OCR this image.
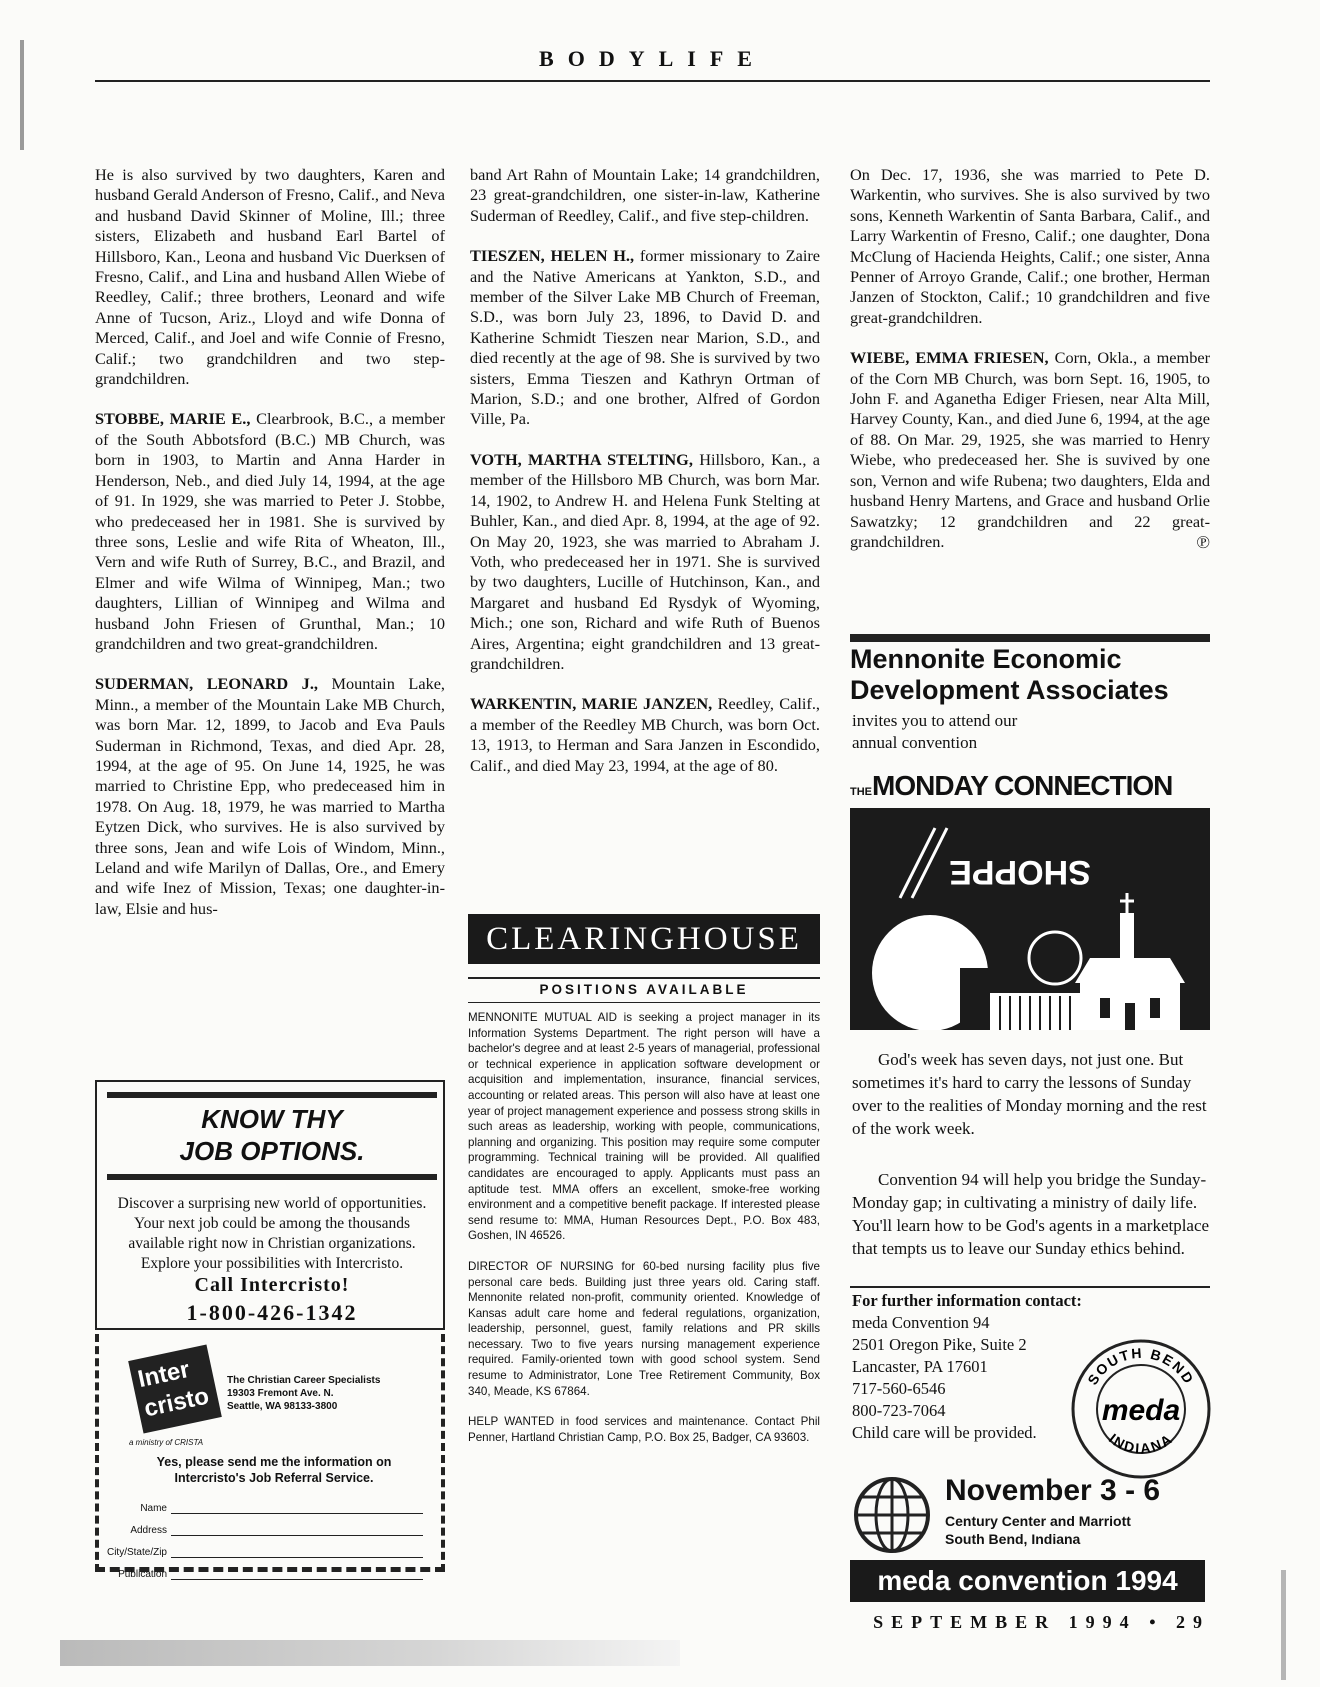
BODYLIFE

He is also survived by two daughters, Karen and husband Gerald Anderson of Fresno, Calif., and Neva and husband David Skinner of Moline, Ill.; three sisters, Elizabeth and husband Earl Bartel of Hillsboro, Kan., Leona and husband Vic Duerksen of Fresno, Calif., and Lina and husband Allen Wiebe of Reedley, Calif.; three brothers, Leonard and wife Anne of Tucson, Ariz., Lloyd and wife Donna of Merced, Calif., and Joel and wife Connie of Fresno, Calif.; two grandchildren and two step-grandchildren.

STOBBE, MARIE E., Clearbrook, B.C., a member of the South Abbotsford (B.C.) MB Church, was born in 1903, to Martin and Anna Harder in Henderson, Neb., and died July 14, 1994, at the age of 91. In 1929, she was married to Peter J. Stobbe, who predeceased her in 1981. She is survived by three sons, Leslie and wife Rita of Wheaton, Ill., Vern and wife Ruth of Surrey, B.C., and Brazil, and Elmer and wife Wilma of Winnipeg, Man.; two daughters, Lillian of Winnipeg and Wilma and husband John Friesen of Grunthal, Man.; 10 grandchildren and two great-grandchildren.

SUDERMAN, LEONARD J., Mountain Lake, Minn., a member of the Mountain Lake MB Church, was born Mar. 12, 1899, to Jacob and Eva Pauls Suderman in Richmond, Texas, and died Apr. 28, 1994, at the age of 95. On June 14, 1925, he was married to Christine Epp, who predeceased him in 1978. On Aug. 18, 1979, he was married to Martha Eytzen Dick, who survives. He is also survived by three sons, Jean and wife Lois of Windom, Minn., Leland and wife Marilyn of Dallas, Ore., and Emery and wife Inez of Mission, Texas; one daughter-in-law, Elsie and hus-

band Art Rahn of Mountain Lake; 14 grandchildren, 23 great-grandchildren, one sister-in-law, Katherine Suderman of Reedley, Calif., and five step-children.

TIESZEN, HELEN H., former missionary to Zaire and the Native Americans at Yankton, S.D., and member of the Silver Lake MB Church of Freeman, S.D., was born July 23, 1896, to David D. and Katherine Schmidt Tieszen near Marion, S.D., and died recently at the age of 98. She is survived by two sisters, Emma Tieszen and Kathryn Ortman of Marion, S.D.; and one brother, Alfred of Gordon Ville, Pa.

VOTH, MARTHA STELTING, Hillsboro, Kan., a member of the Hillsboro MB Church, was born Mar. 14, 1902, to Andrew H. and Helena Funk Stelting at Buhler, Kan., and died Apr. 8, 1994, at the age of 92. On May 20, 1923, she was married to Abraham J. Voth, who predeceased her in 1971. She is survived by two daughters, Lucille of Hutchinson, Kan., and Margaret and husband Ed Rysdyk of Wyoming, Mich.; one son, Richard and wife Ruth of Buenos Aires, Argentina; eight grandchildren and 13 great-grandchildren.

WARKENTIN, MARIE JANZEN, Reedley, Calif., a member of the Reedley MB Church, was born Oct. 13, 1913, to Herman and Sara Janzen in Escondido, Calif., and died May 23, 1994, at the age of 80.

On Dec. 17, 1936, she was married to Pete D. Warkentin, who survives. She is also survived by two sons, Kenneth Warkentin of Santa Barbara, Calif., and Larry Warkentin of Fresno, Calif.; one daughter, Dona McClung of Hacienda Heights, Calif.; one sister, Anna Penner of Arroyo Grande, Calif.; one brother, Herman Janzen of Stockton, Calif.; 10 grandchildren and five great-grandchildren.

WIEBE, EMMA FRIESEN, Corn, Okla., a member of the Corn MB Church, was born Sept. 16, 1905, to John F. and Aganetha Ediger Friesen, near Alta Mill, Harvey County, Kan., and died June 6, 1994, at the age of 88. On Mar. 29, 1925, she was married to Henry Wiebe, who predeceased her. She is suvived by one son, Vernon and wife Rubena; two daughters, Elda and husband Henry Martens, and Grace and husband Orlie Sawatzky; 12 grandchildren and 22 great-grandchildren.	℗

CLEARINGHOUSE
POSITIONS AVAILABLE

MENNONITE MUTUAL AID is seeking a project manager in its Information Systems Department. The right person will have a bachelor's degree and at least 2-5 years of managerial, professional or technical experience in application software development or acquisition and implementation, insurance, financial services, accounting or related areas. This person will also have at least one year of project management experience and possess strong skills in such areas as leadership, working with people, communications, planning and organizing. This position may require some computer programming. Technical training will be provided. All qualified candidates are encouraged to apply. Applicants must pass an aptitude test. MMA offers an excellent, smoke-free working environment and a competitive benefit package. If interested please send resume to: MMA, Human Resources Dept., P.O. Box 483, Goshen, IN 46526.

DIRECTOR OF NURSING for 60-bed nursing facility plus five personal care beds. Building just three years old. Caring staff. Mennonite related non-profit, community oriented. Knowledge of Kansas adult care home and federal regulations, organization, leadership, personnel, guest, family relations and PR skills necessary. Two to five years nursing management experience required. Family-oriented town with good school system. Send resume to Administrator, Lone Tree Retirement Community, Box 340, Meade, KS 67864.

HELP WANTED in food services and maintenance. Contact Phil Penner, Hartland Christian Camp, P.O. Box 25, Badger, CA 93603.

KNOW THY
JOB OPTIONS.
Discover a surprising new world of opportunities. Your next job could be among the thousands available right now in Christian organizations. Explore your possibilities with Intercristo.
Call Intercristo!
1-800-426-1342
Inter
cristo
a ministry of CRISTA
The Christian Career Specialists
19303 Fremont Ave. N.
Seattle, WA 98133-3800
Yes, please send me the information on
Intercristo's Job Referral Service.
Name
Address
City/State/Zip
Publication
Mennonite Economic
Development Associates
invites you to attend our
annual convention
THEMONDAY CONNECTION
SHOPPE
God's week has seven days, not just one. But sometimes it's hard to carry the lessons of Sunday over to the realities of Monday morning and the rest of the work week.
Convention 94 will help you bridge the Sunday-Monday gap; in cultivating a ministry of daily life. You'll learn how to be God's agents in a marketplace that tempts us to leave our Sunday ethics behind.
For further information contact:
meda Convention 94
2501 Oregon Pike, Suite 2
Lancaster, PA 17601
717-560-6546
800-723-7064
Child care will be provided.
SOUTH BEND
INDIANA
meda
November 3 - 6
Century Center and Marriott
South Bend, Indiana
meda convention 1994
SEPTEMBER 1994 • 29
